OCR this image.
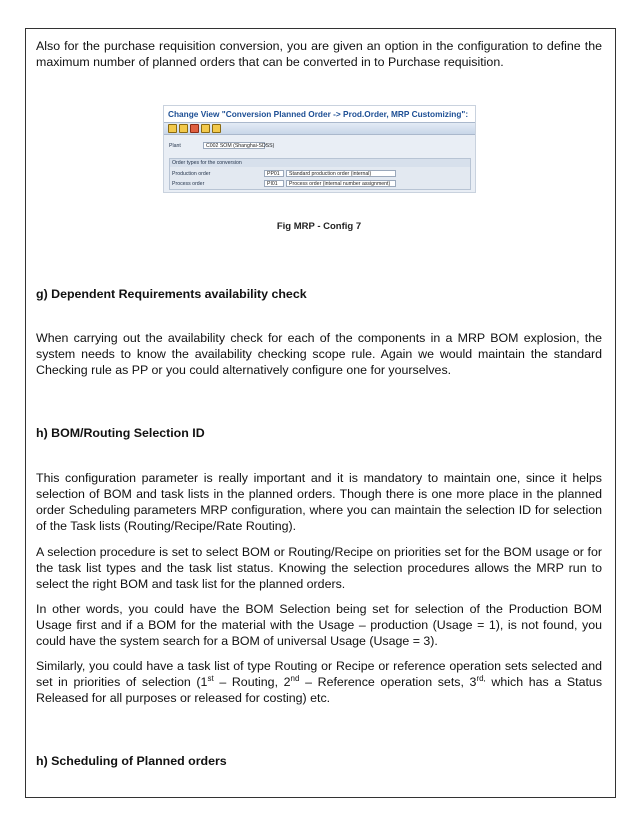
Also for the purchase requisition conversion, you are given an option in the configuration to define the maximum number of planned orders that can be converted in to Purchase requisition.

Change View "Conversion Planned Order -> Prod.Order, MRP Customizing":
Plant	C002 SOM (Shanghai-SDSS)
Order types for the conversion
Production order	PP01	Standard production order (internal)
Process order	PI01	Process order (internal number assignment)
Fig MRP - Config 7
g) Dependent Requirements availability check

When carrying out the availability check for each of the components in a MRP BOM explosion, the system needs to know the availability checking scope rule. Again we would maintain the standard Checking rule as PP or you could alternatively configure one for yourselves.

h) BOM/Routing Selection ID

This configuration parameter is really important and it is mandatory to maintain one, since it helps selection of BOM and task lists in the planned orders. Though there is one more place in the planned order Scheduling parameters MRP configuration, where you can maintain the selection ID for selection of the Task lists (Routing/Recipe/Rate Routing).

A selection procedure is set to select BOM or Routing/Recipe on priorities set for the BOM usage or for the task list types and the task list status. Knowing the selection procedures allows the MRP run to select the right BOM and task list for the planned orders.

In other words, you could have the BOM Selection being set for selection of the Production BOM Usage first and if a BOM for the material with the Usage – production (Usage = 1), is not found, you could have the system search for a BOM of universal Usage (Usage = 3).

Similarly, you could have a task list of type Routing or Recipe or reference operation sets selected and set in priorities of selection (1st – Routing, 2nd – Reference operation sets, $3^{rd,}$ which has a Status Released for all purposes or released for costing) etc.

h) Scheduling of Planned orders
